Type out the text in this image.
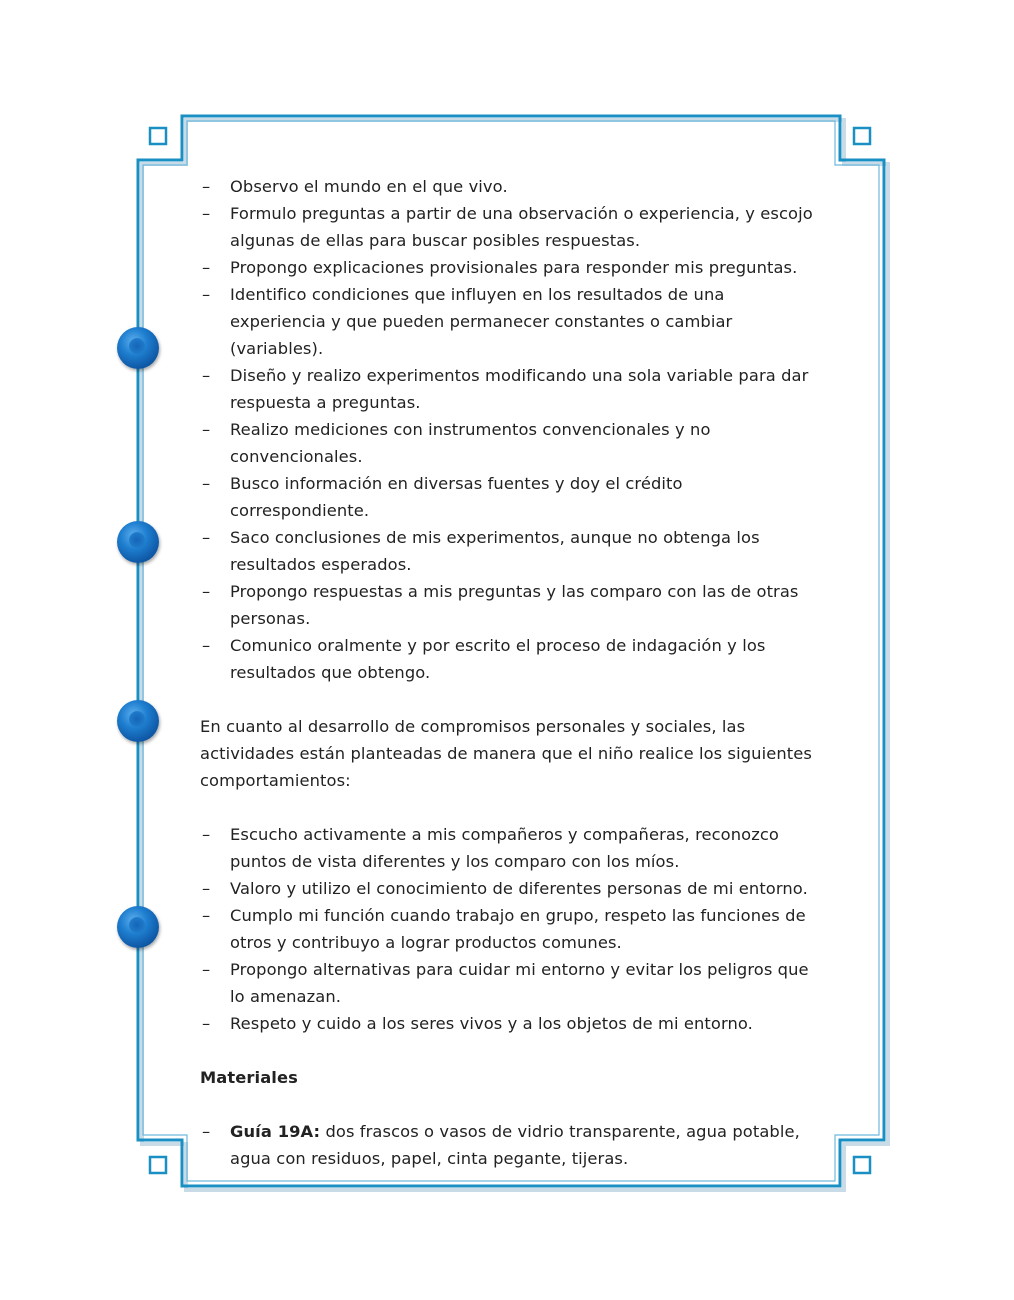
– Observo el mundo en el que vivo.
– Formulo preguntas a partir de una observación o experiencia, y escojo algunas de ellas para buscar posibles respuestas.
– Propongo explicaciones provisionales para responder mis preguntas.
– Identifico condiciones que influyen en los resultados de una experiencia y que pueden permanecer constantes o cambiar (variables).
– Diseño y realizo experimentos modificando una sola variable para dar respuesta a preguntas.
– Realizo mediciones con instrumentos convencionales y no convencionales.
– Busco información en diversas fuentes y doy el crédito correspondiente.
– Saco conclusiones de mis experimentos, aunque no obtenga los resultados esperados.
– Propongo respuestas a mis preguntas y las comparo con las de otras personas.
– Comunico oralmente y por escrito el proceso de indagación y los resultados que obtengo.

En cuanto al desarrollo de compromisos personales y sociales, las actividades están planteadas de manera que el niño realice los siguientes comportamientos:

– Escucho activamente a mis compañeros y compañeras, reconozco puntos de vista diferentes y los comparo con los míos.
– Valoro y utilizo el conocimiento de diferentes personas de mi entorno.
– Cumplo mi función cuando trabajo en grupo, respeto las funciones de otros y contribuyo a lograr productos comunes.
– Propongo alternativas para cuidar mi entorno y evitar los peligros que lo amenazan.
– Respeto y cuido a los seres vivos y a los objetos de mi entorno.
Materiales
– Guía 19A: dos frascos o vasos de vidrio transparente, agua potable, agua con residuos, papel, cinta pegante, tijeras.
